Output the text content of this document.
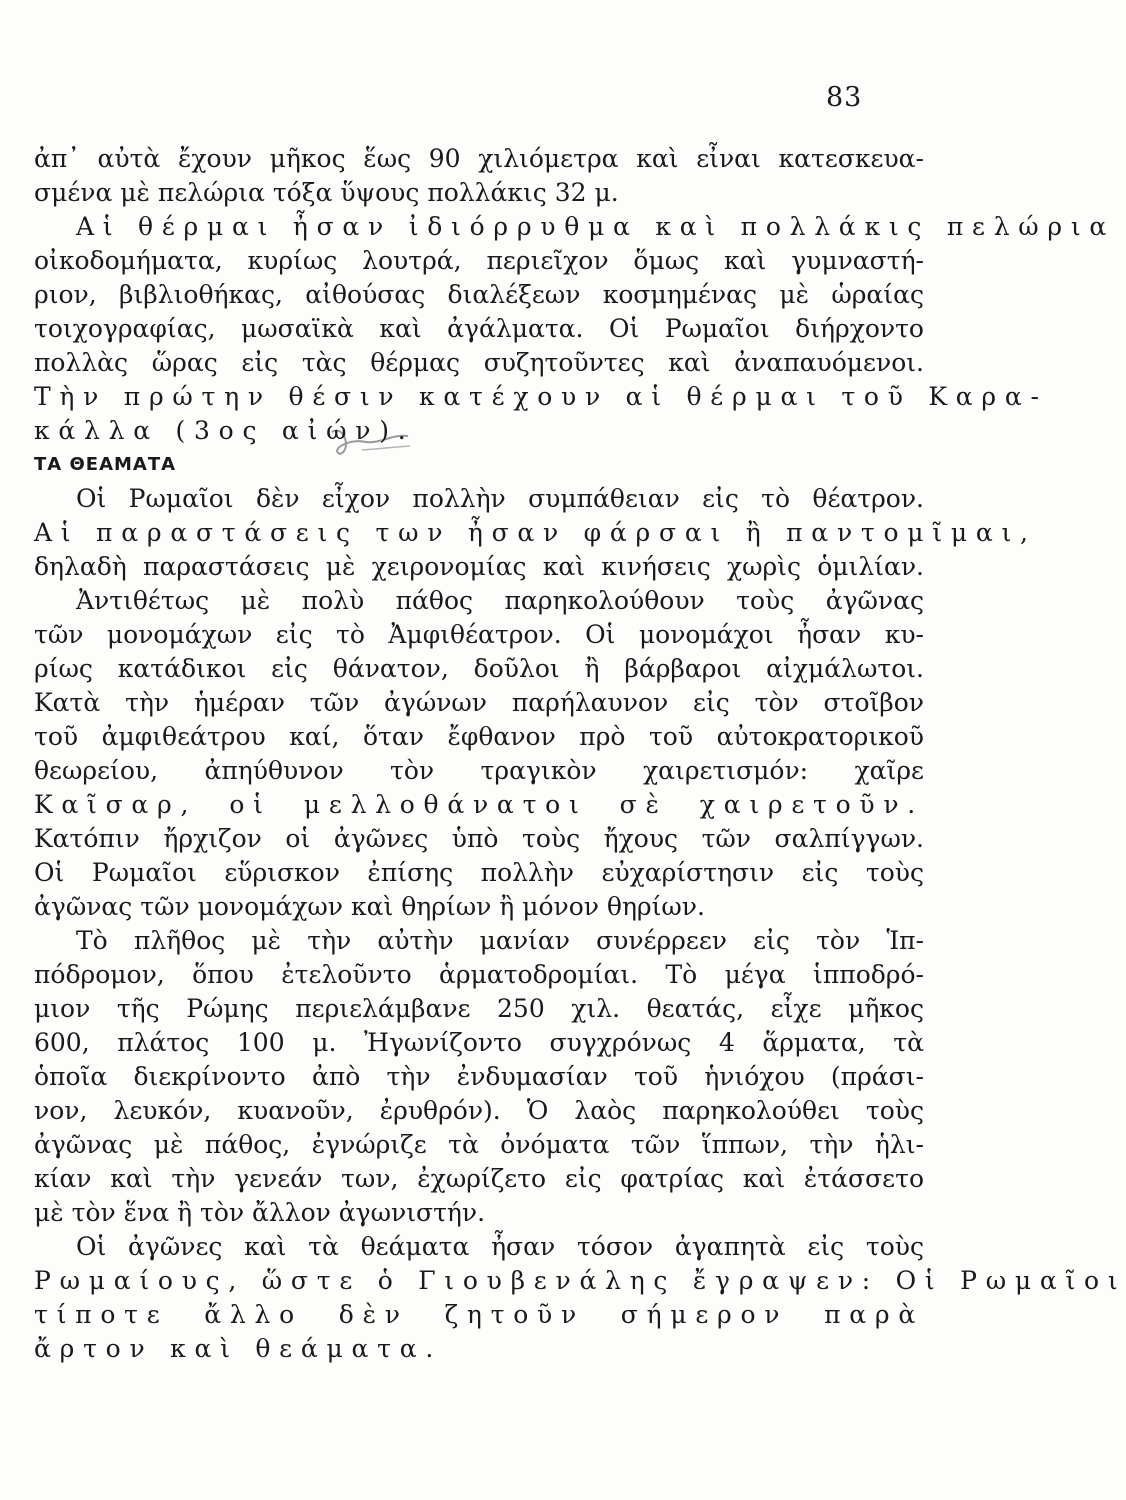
83
ἀπ᾽ αὐτὰ ἔχουν μῆκος ἕως 90 χιλιόμετρα καὶ εἶναι κατεσκευα-
σμένα μὲ πελώρια τόξα ὕψους πολλάκις 32 μ.
Αἱ θέρμαι ἦσαν ἰδιόρρυθμα καὶ πολλάκις πελώρια
οἰκοδομήματα, κυρίως λουτρά, περιεῖχον ὅμως καὶ γυμναστή-
ριον, βιβλιοθήκας, αἰθούσας διαλέξεων κοσμημένας μὲ ὡραίας
τοιχογραφίας, μωσαϊκὰ καὶ ἀγάλματα. Οἱ Ρωμαῖοι διήρχοντο
πολλὰς ὥρας εἰς τὰς θέρμας συζητοῦντες καὶ ἀναπαυόμενοι.
Τὴν πρώτην θέσιν κατέχουν αἱ θέρμαι τοῦ Καρα-
κάλλα (3ος αἰών).
ΤΑ ΘΕΑΜΑΤΑ
Οἱ Ρωμαῖοι δὲν εἶχον πολλὴν συμπάθειαν εἰς τὸ θέατρον.
Αἱ παραστάσεις των ἦσαν φάρσαι ἢ παντομῖμαι,
δηλαδὴ παραστάσεις μὲ χειρονομίας καὶ κινήσεις χωρὶς ὁμιλίαν.
Ἀντιθέτως μὲ πολὺ πάθος παρηκολούθουν τοὺς ἀγῶνας
τῶν μονομάχων εἰς τὸ Ἀμφιθέατρον. Οἱ μονομάχοι ἦσαν κυ-
ρίως κατάδικοι εἰς θάνατον, δοῦλοι ἢ βάρβαροι αἰχμάλωτοι.
Κατὰ τὴν ἡμέραν τῶν ἀγώνων παρήλαυνον εἰς τὸν στοῖβον
τοῦ ἀμφιθεάτρου καί, ὅταν ἔφθανον πρὸ τοῦ αὐτοκρατορικοῦ
θεωρείου, ἀπηύθυνον τὸν τραγικὸν χαιρετισμόν: χαῖρε
Καῖσαρ, οἱ μελλοθάνατοι σὲ χαιρετοῦν.
Κατόπιν ἤρχιζον οἱ ἀγῶνες ὑπὸ τοὺς ἤχους τῶν σαλπίγγων.
Οἱ Ρωμαῖοι εὕρισκον ἐπίσης πολλὴν εὐχαρίστησιν εἰς τοὺς
ἀγῶνας τῶν μονομάχων καὶ θηρίων ἢ μόνον θηρίων.
Τὸ πλῆθος μὲ τὴν αὐτὴν μανίαν συνέρρεεν εἰς τὸν Ἱπ-
πόδρομον, ὅπου ἐτελοῦντο ἁρματοδρομίαι. Τὸ μέγα ἱπποδρό-
μιον τῆς Ρώμης περιελάμβανε 250 χιλ. θεατάς, εἶχε μῆκος
600, πλάτος 100 μ. Ἠγωνίζοντο συγχρόνως 4 ἅρματα, τὰ
ὁποῖα διεκρίνοντο ἀπὸ τὴν ἐνδυμασίαν τοῦ ἡνιόχου (πράσι-
νον, λευκόν, κυανοῦν, ἐρυθρόν). Ὁ λαὸς παρηκολούθει τοὺς
ἀγῶνας μὲ πάθος, ἐγνώριζε τὰ ὀνόματα τῶν ἵππων, τὴν ἡλι-
κίαν καὶ τὴν γενεάν των, ἐχωρίζετο εἰς φατρίας καὶ ἐτάσσετο
μὲ τὸν ἕνα ἢ τὸν ἄλλον ἀγωνιστήν.
Οἱ ἀγῶνες καὶ τὰ θεάματα ἦσαν τόσον ἀγαπητὰ εἰς τοὺς
Ρωμαίους, ὥστε ὁ Γιουβενάλης ἔγραψεν: Οἱ Ρωμαῖοι
τίποτε ἄλλο δὲν ζητοῦν σήμερον παρὰ
ἄρτον καὶ θεάματα.
